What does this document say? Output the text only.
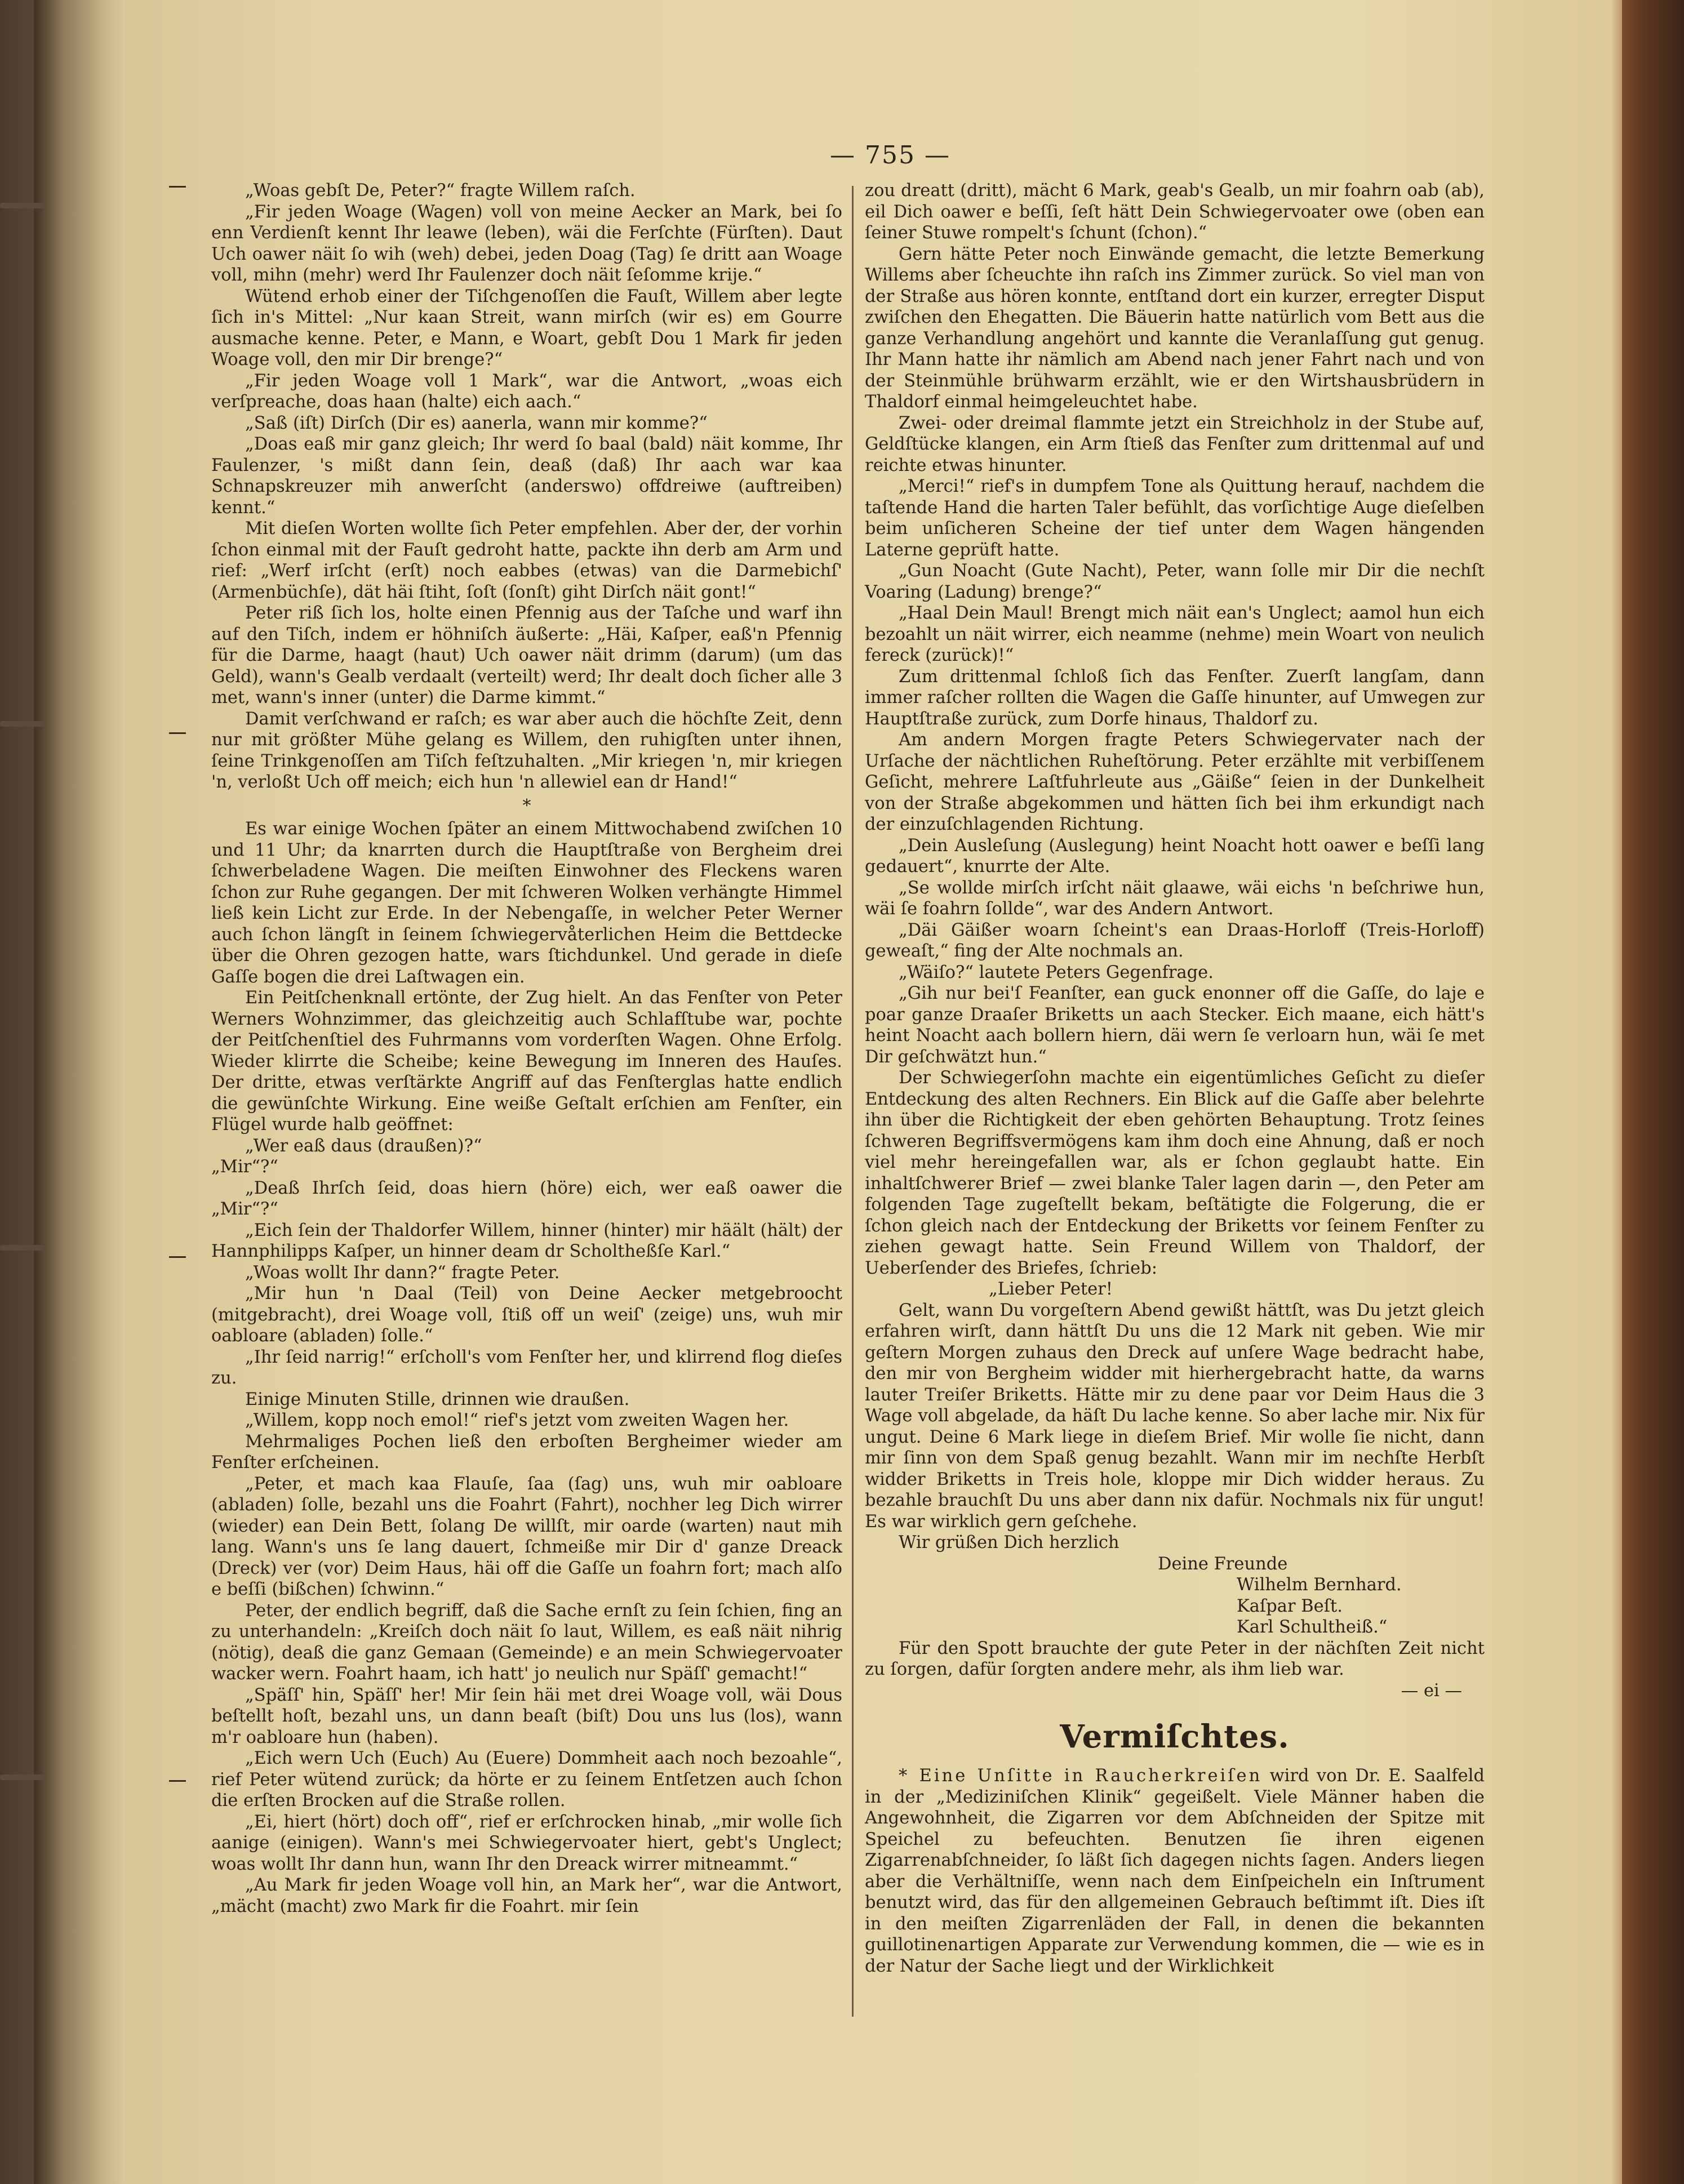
— 755 —

„Woas gebſt De, Peter?“ fragte Willem raſch.

„Fir jeden Woage (Wagen) voll von meine Aecker an Mark, bei ſo enn Verdienſt kennt Ihr leawe (leben), wäi die Ferſchte (Fürſten). Daut Uch oawer näit ſo wih (weh) debei, jeden Doag (Tag) ſe dritt aan Woage voll, mihn (mehr) werd Ihr Faulenzer doch näit ſeſomme krije.“

Wütend erhob einer der Tiſchgenoſſen die Fauſt, Willem aber legte ſich in's Mittel: „Nur kaan Streit, wann mirſch (wir es) em Gourre ausmache kenne. Peter, e Mann, e Woart, gebſt Dou 1 Mark fir jeden Woage voll, den mir Dir brenge?“

„Fir jeden Woage voll 1 Mark“, war die Antwort, „woas eich verſpreache, doas haan (halte) eich aach.“

„Saß (iſt) Dirſch (Dir es) aanerla, wann mir komme?“

„Doas eaß mir ganz gleich; Ihr werd ſo baal (bald) näit komme, Ihr Faulenzer, 's mißt dann ſein, deaß (daß) Ihr aach war kaa Schnapskreuzer mih anwerſcht (anderswo) offdreiwe (auftreiben) kennt.“

Mit dieſen Worten wollte ſich Peter empfehlen. Aber der, der vorhin ſchon einmal mit der Fauſt gedroht hatte, packte ihn derb am Arm und rief: „Werf irſcht (erſt) noch eabbes (etwas) van die Darmebichſ' (Armenbüchſe), dät häi ſtiht, ſoſt (ſonſt) giht Dirſch näit gont!“

Peter riß ſich los, holte einen Pfennig aus der Taſche und warf ihn auf den Tiſch, indem er höhniſch äußerte: „Häi, Kaſper, eaß'n Pfennig für die Darme, haagt (haut) Uch oawer näit drimm (darum) (um das Geld), wann's Gealb verdaalt (verteilt) werd; Ihr dealt doch ſicher alle 3 met, wann's inner (unter) die Darme kimmt.“

Damit verſchwand er raſch; es war aber auch die höchſte Zeit, denn nur mit größter Mühe gelang es Willem, den ruhigſten unter ihnen, ſeine Trinkgenoſſen am Tiſch feſtzuhalten. „Mir kriegen 'n, mir kriegen 'n, verloßt Uch off meich; eich hun 'n allewiel ean dr Hand!“

*

Es war einige Wochen ſpäter an einem Mittwochabend zwiſchen 10 und 11 Uhr; da knarrten durch die Hauptſtraße von Bergheim drei ſchwerbeladene Wagen. Die meiſten Einwohner des Fleckens waren ſchon zur Ruhe gegangen. Der mit ſchweren Wolken verhängte Himmel ließ kein Licht zur Erde. In der Nebengaſſe, in welcher Peter Werner auch ſchon längſt in ſeinem ſchwiegervåterlichen Heim die Bettdecke über die Ohren gezogen hatte, wars ſtichdunkel. Und gerade in dieſe Gaſſe bogen die drei Laſtwagen ein.

Ein Peitſchenknall ertönte, der Zug hielt. An das Fenſter von Peter Werners Wohnzimmer, das gleichzeitig auch Schlafſtube war, pochte der Peitſchenſtiel des Fuhrmanns vom vorderſten Wagen. Ohne Erfolg. Wieder klirrte die Scheibe; keine Bewegung im Inneren des Hauſes. Der dritte, etwas verſtärkte Angriff auf das Fenſterglas hatte endlich die gewünſchte Wirkung. Eine weiße Geſtalt erſchien am Fenſter, ein Flügel wurde halb geöffnet:

„Wer eaß daus (draußen)?“

„Mir“?“

„Deaß Ihrſch ſeid, doas hiern (höre) eich, wer eaß oawer die „Mir“?“

„Eich ſein der Thaldorfer Willem, hinner (hinter) mir häält (hält) der Hannphilipps Kaſper, un hinner deam dr Scholtheßſe Karl.“

„Woas wollt Ihr dann?“ fragte Peter.

„Mir hun 'n Daal (Teil) von Deine Aecker metgebroocht (mitgebracht), drei Woage voll, ſtiß off un weiſ' (zeige) uns, wuh mir oabloare (abladen) ſolle.“

„Ihr ſeid narrig!“ erſcholl's vom Fenſter her, und klirrend flog dieſes zu.

Einige Minuten Stille, drinnen wie draußen.

„Willem, kopp noch emol!“ rief's jetzt vom zweiten Wagen her.

Mehrmaliges Pochen ließ den erboſten Bergheimer wieder am Fenſter erſcheinen.

„Peter, et mach kaa Flauſe, ſaa (ſag) uns, wuh mir oabloare (abladen) ſolle, bezahl uns die Foahrt (Fahrt), nochher leg Dich wirrer (wieder) ean Dein Bett, ſolang De willſt, mir oarde (warten) naut mih lang. Wann's uns ſe lang dauert, ſchmeiße mir Dir d' ganze Dreack (Dreck) ver (vor) Deim Haus, häi off die Gaſſe un foahrn fort; mach alſo e beſſi (bißchen) ſchwinn.“

Peter, der endlich begriff, daß die Sache ernſt zu ſein ſchien, fing an zu unterhandeln: „Kreiſch doch näit ſo laut, Willem, es eaß näit nihrig (nötig), deaß die ganz Gemaan (Gemeinde) e an mein Schwiegervoater wacker wern. Foahrt haam, ich hatt' jo neulich nur Späſſ' gemacht!“

„Späſſ' hin, Späſſ' her! Mir ſein häi met drei Woage voll, wäi Dous beſtellt hoſt, bezahl uns, un dann beaſt (biſt) Dou uns lus (los), wann m'r oabloare hun (haben).

„Eich wern Uch (Euch) Au (Euere) Dommheit aach noch bezoahle“, rief Peter wütend zurück; da hörte er zu ſeinem Entſetzen auch ſchon die erſten Brocken auf die Straße rollen.

„Ei, hiert (hört) doch off“, rief er erſchrocken hinab, „mir wolle ſich aanige (einigen). Wann's mei Schwiegervoater hiert, gebt's Unglect; woas wollt Ihr dann hun, wann Ihr den Dreack wirrer mitneammt.“

„Au Mark fir jeden Woage voll hin, an Mark her“, war die Antwort, „mächt (macht) zwo Mark fir die Foahrt. mir ſein

zou dreatt (dritt), mächt 6 Mark, geab's Gealb, un mir foahrn oab (ab), eil Dich oawer e beſſi, ſeſt hätt Dein Schwiegervoater owe (oben ean ſeiner Stuwe rompelt's ſchunt (ſchon).“

Gern hätte Peter noch Einwände gemacht, die letzte Bemerkung Willems aber ſcheuchte ihn raſch ins Zimmer zurück. So viel man von der Straße aus hören konnte, entſtand dort ein kurzer, erregter Disput zwiſchen den Ehegatten. Die Bäuerin hatte natürlich vom Bett aus die ganze Verhandlung angehört und kannte die Veranlaſſung gut genug. Ihr Mann hatte ihr nämlich am Abend nach jener Fahrt nach und von der Steinmühle brühwarm erzählt, wie er den Wirtshausbrüdern in Thaldorf einmal heimgeleuchtet habe.

Zwei- oder dreimal flammte jetzt ein Streichholz in der Stube auf, Geldſtücke klangen, ein Arm ſtieß das Fenſter zum drittenmal auf und reichte etwas hinunter.

„Merci!“ rief's in dumpfem Tone als Quittung herauf, nachdem die taſtende Hand die harten Taler befühlt, das vorſichtige Auge dieſelben beim unſicheren Scheine der tief unter dem Wagen hängenden Laterne geprüft hatte.

„Gun Noacht (Gute Nacht), Peter, wann ſolle mir Dir die nechſt Voaring (Ladung) brenge?“

„Haal Dein Maul! Brengt mich näit ean's Unglect; aamol hun eich bezoahlt un näit wirrer, eich neamme (nehme) mein Woart von neulich fereck (zurück)!“

Zum drittenmal ſchloß ſich das Fenſter. Zuerſt langſam, dann immer raſcher rollten die Wagen die Gaſſe hinunter, auf Umwegen zur Hauptſtraße zurück, zum Dorfe hinaus, Thaldorf zu.

Am andern Morgen fragte Peters Schwiegervater nach der Urſache der nächtlichen Ruheſtörung. Peter erzählte mit verbiſſenem Geſicht, mehrere Laſtfuhrleute aus „Gäiße“ ſeien in der Dunkelheit von der Straße abgekommen und hätten ſich bei ihm erkundigt nach der einzuſchlagenden Richtung.

„Dein Ausleſung (Auslegung) heint Noacht hott oawer e beſſi lang gedauert“, knurrte der Alte.

„Se wollde mirſch irſcht näit glaawe, wäi eichs 'n beſchriwe hun, wäi ſe foahrn ſollde“, war des Andern Antwort.

„Däi Gäißer woarn ſcheint's ean Draas-Horloff (Treis-Horloff) geweaſt,“ fing der Alte nochmals an.

„Wäiſo?“ lautete Peters Gegenfrage.

„Gih nur bei'ſ Feanſter, ean guck enonner off die Gaſſe, do laje e poar ganze Draaſer Briketts un aach Stecker. Eich maane, eich hätt's heint Noacht aach bollern hiern, däi wern ſe verloarn hun, wäi ſe met Dir geſchwätzt hun.“

Der Schwiegerſohn machte ein eigentümliches Geſicht zu dieſer Entdeckung des alten Rechners. Ein Blick auf die Gaſſe aber belehrte ihn über die Richtigkeit der eben gehörten Behauptung. Trotz ſeines ſchweren Begriffsvermögens kam ihm doch eine Ahnung, daß er noch viel mehr hereingefallen war, als er ſchon geglaubt hatte. Ein inhaltſchwerer Brief — zwei blanke Taler lagen darin —, den Peter am folgenden Tage zugeſtellt bekam, beſtätigte die Folgerung, die er ſchon gleich nach der Entdeckung der Briketts vor ſeinem Fenſter zu ziehen gewagt hatte. Sein Freund Willem von Thaldorf, der Ueberſender des Briefes, ſchrieb:

„Lieber Peter!

Gelt, wann Du vorgeſtern Abend gewißt hättſt, was Du jetzt gleich erfahren wirſt, dann hättſt Du uns die 12 Mark nit geben. Wie mir geſtern Morgen zuhaus den Dreck auf unſere Wage bedracht habe, den mir von Bergheim widder mit hierhergebracht hatte, da warns lauter Treiſer Briketts. Hätte mir zu dene paar vor Deim Haus die 3 Wage voll abgelade, da häſt Du lache kenne. So aber lache mir. Nix für ungut. Deine 6 Mark liege in dieſem Brief. Mir wolle ſie nicht, dann mir ſinn von dem Spaß genug bezahlt. Wann mir im nechſte Herbſt widder Briketts in Treis hole, kloppe mir Dich widder heraus. Zu bezahle brauchſt Du uns aber dann nix dafür. Nochmals nix für ungut! Es war wirklich gern geſchehe.

Wir grüßen Dich herzlich

Deine Freunde

Wilhelm Bernhard.

Kaſpar Beſt.

Karl Schultheiß.“

Für den Spott brauchte der gute Peter in der nächſten Zeit nicht zu ſorgen, dafür ſorgten andere mehr, als ihm lieb war.

— ei —

Vermiſchtes.

* Eine Unſitte in Raucherkreiſen wird von Dr. E. Saalfeld in der „Mediziniſchen Klinik“ gegeißelt. Viele Männer haben die Angewohnheit, die Zigarren vor dem Abſchneiden der Spitze mit Speichel zu befeuchten. Benutzen ſie ihren eigenen Zigarrenabſchneider, ſo läßt ſich dagegen nichts ſagen. Anders liegen aber die Verhältniſſe, wenn nach dem Einſpeicheln ein Inſtrument benutzt wird, das für den allgemeinen Gebrauch beſtimmt iſt. Dies iſt in den meiſten Zigarrenläden der Fall, in denen die bekannten guillotinenartigen Apparate zur Verwendung kommen, die — wie es in der Natur der Sache liegt und der Wirklichkeit
